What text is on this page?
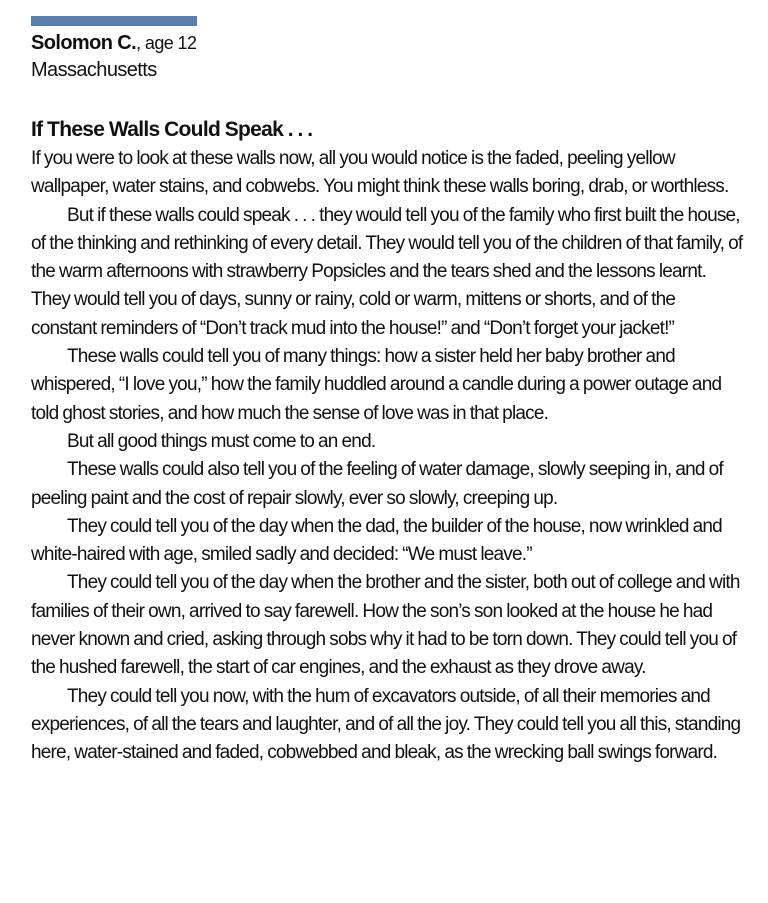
Solomon C., age 12
Massachusetts
If These Walls Could Speak . . .

If you were to look at these walls now, all you would notice is the faded, peeling yellow wallpaper, water stains, and cobwebs. You might think these walls boring, drab, or worthless.

But if these walls could speak . . . they would tell you of the family who first built the house, of the thinking and rethinking of every detail. They would tell you of the children of that family, of the warm afternoons with strawberry Popsicles and the tears shed and the lessons learnt. They would tell you of days, sunny or rainy, cold or warm, mittens or shorts, and of the constant reminders of “Don’t track mud into the house!” and “Don’t forget your jacket!”

These walls could tell you of many things: how a sister held her baby brother and whispered, “I love you,” how the family huddled around a candle during a power outage and told ghost stories, and how much the sense of love was in that place.

But all good things must come to an end.

These walls could also tell you of the feeling of water damage, slowly seeping in, and of peeling paint and the cost of repair slowly, ever so slowly, creeping up.

They could tell you of the day when the dad, the builder of the house, now wrinkled and white-haired with age, smiled sadly and decided: “We must leave.”

They could tell you of the day when the brother and the sister, both out of college and with families of their own, arrived to say farewell. How the son’s son looked at the house he had never known and cried, asking through sobs why it had to be torn down. They could tell you of the hushed farewell, the start of car engines, and the exhaust as they drove away.

They could tell you now, with the hum of excavators outside, of all their memories and experiences, of all the tears and laughter, and of all the joy. They could tell you all this, standing here, water-stained and faded, cobwebbed and bleak, as the wrecking ball swings forward.
